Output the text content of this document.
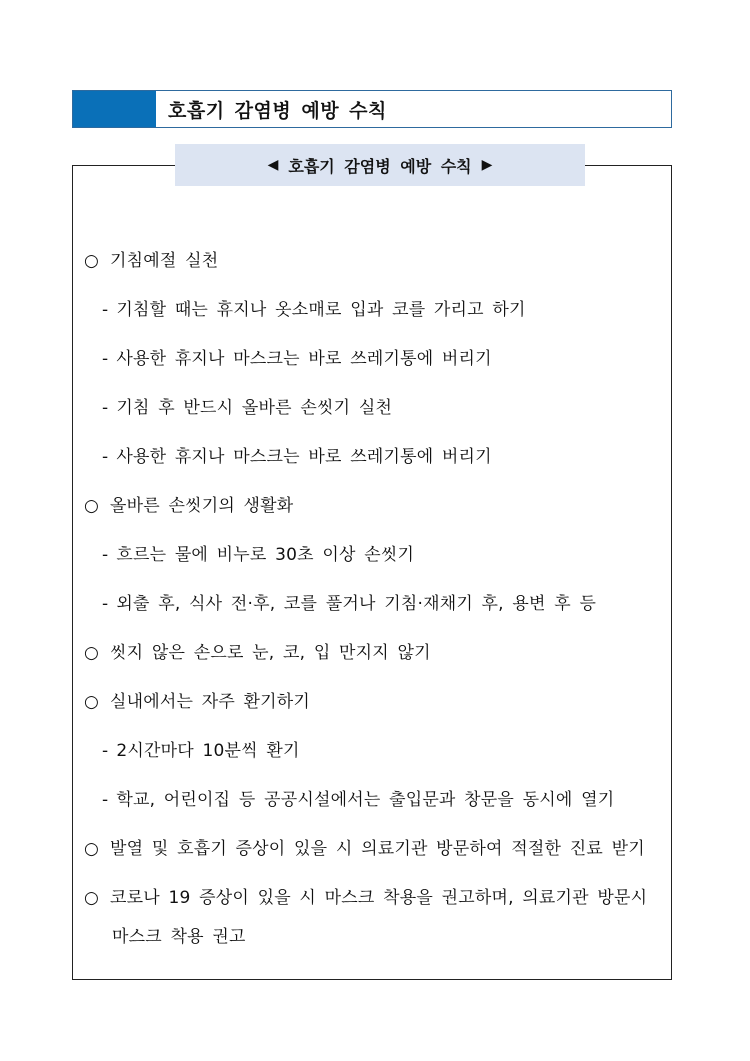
호흡기 감염병 예방 수칙
◀ 호흡기 감염병 예방 수칙 ▶
○ 기침예절 실천
- 기침할 때는 휴지나 옷소매로 입과 코를 가리고 하기
- 사용한 휴지나 마스크는 바로 쓰레기통에 버리기
- 기침 후 반드시 올바른 손씻기 실천
- 사용한 휴지나 마스크는 바로 쓰레기통에 버리기
○ 올바른 손씻기의 생활화
- 흐르는 물에 비누로 30초 이상 손씻기
- 외출 후, 식사 전·후, 코를 풀거나 기침·재채기 후, 용변 후 등
○ 씻지 않은 손으로 눈, 코, 입 만지지 않기
○ 실내에서는 자주 환기하기
- 2시간마다 10분씩 환기
- 학교, 어린이집 등 공공시설에서는 출입문과 창문을 동시에 열기
○ 발열 및 호흡기 증상이 있을 시 의료기관 방문하여 적절한 진료 받기
○ 코로나 19 증상이 있을 시 마스크 착용을 권고하며, 의료기관 방문시
마스크 착용 권고
